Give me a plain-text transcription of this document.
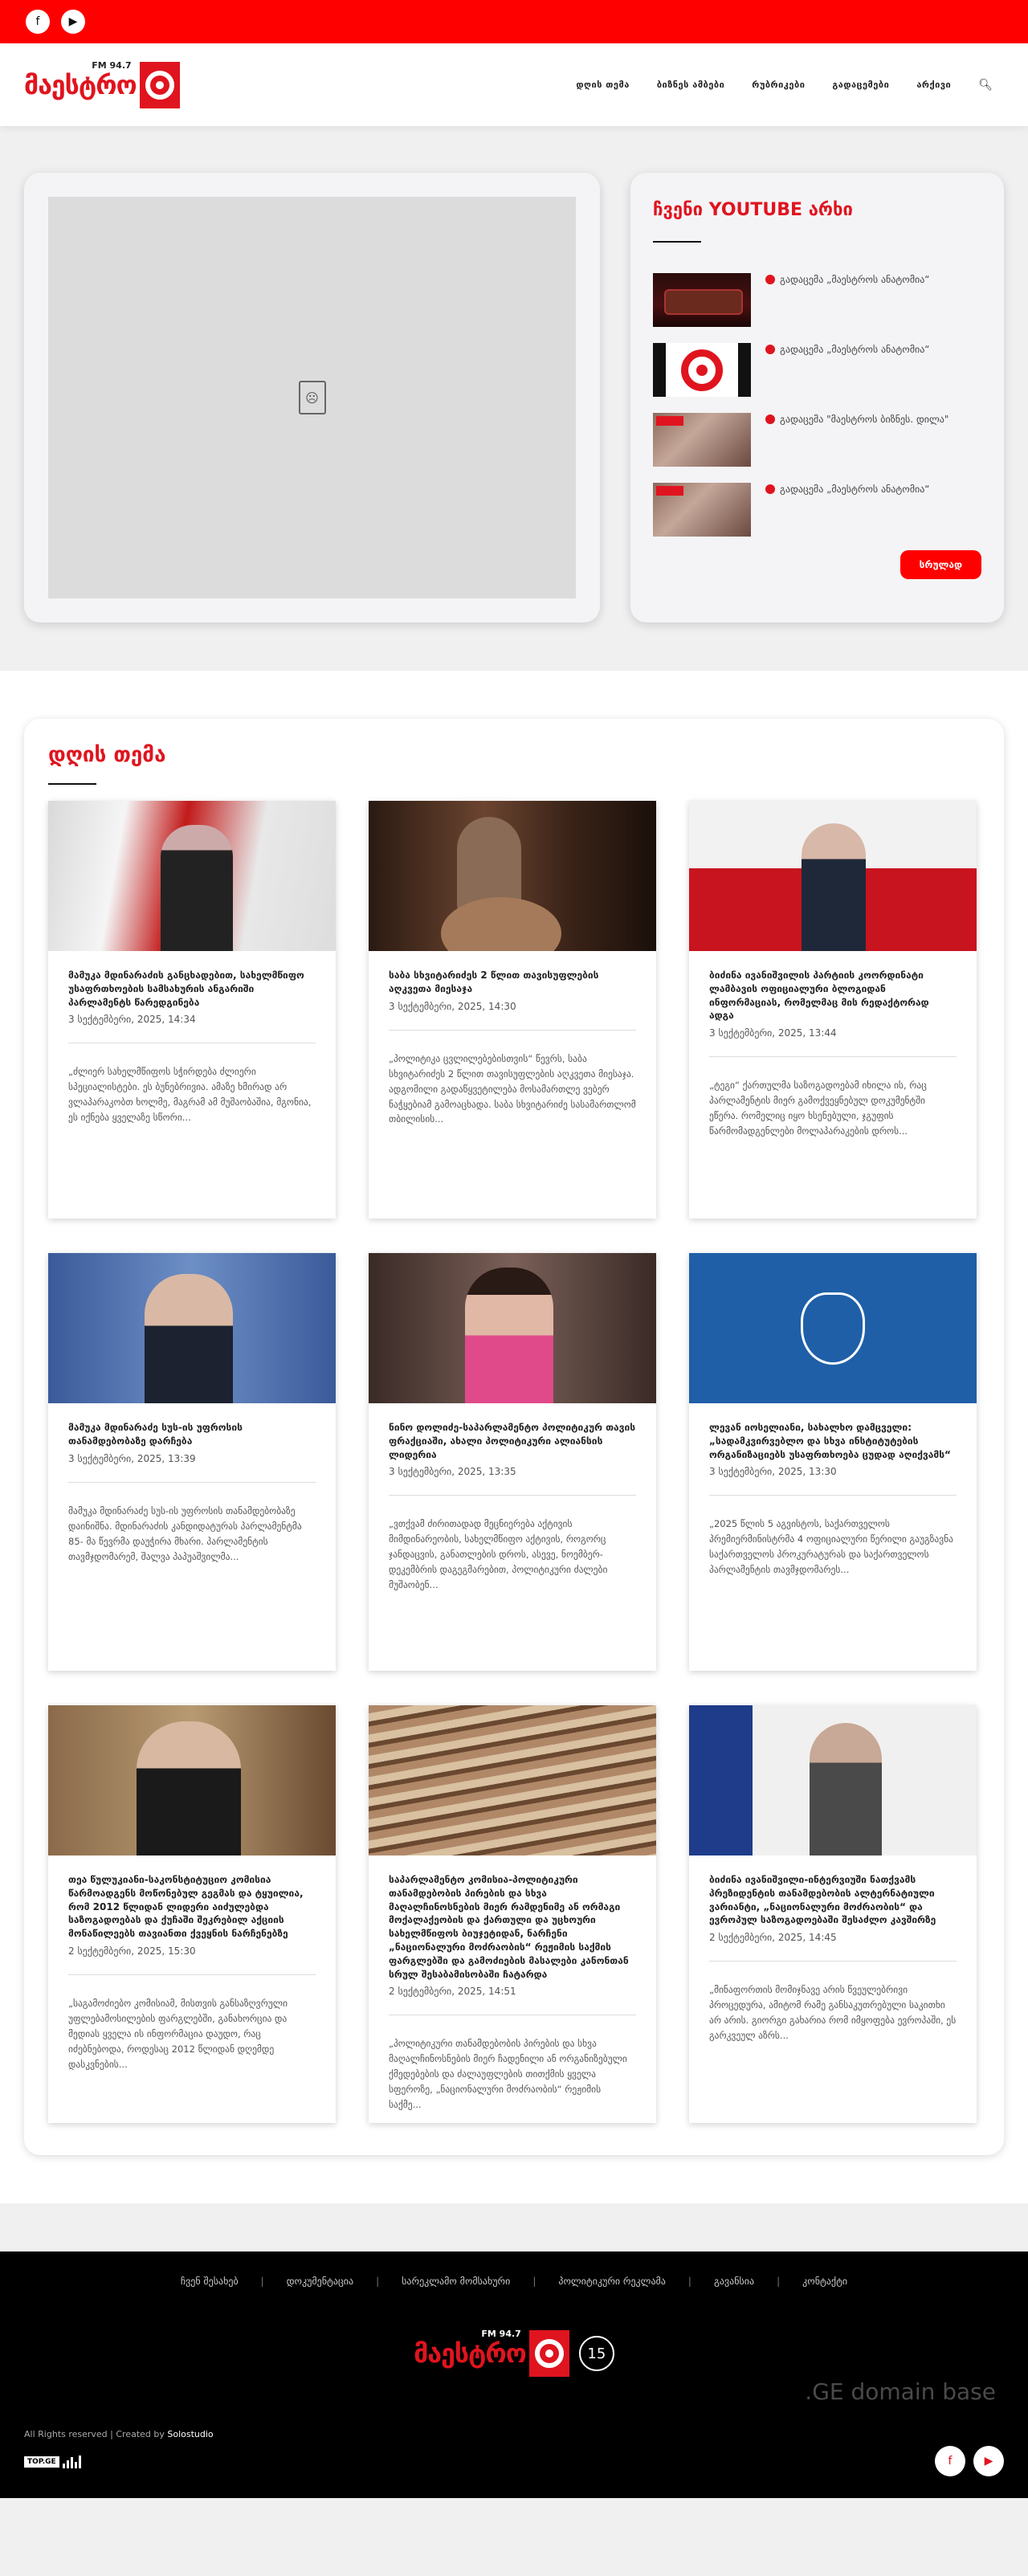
f	▶
მაესტრო
FM 94.7
დღის თემა	ბიზნეს ამბები	რუბრიკები	გადაცემები	არქივი 🔍︎
☹
ჩვენი YOUTUBE არხი
გადაცემა „მაესტროს ანატომია“
გადაცემა „მაესტროს ანატომია“
გადაცემა "მაესტროს ბიზნეს. დილა"
გადაცემა „მაესტროს ანატომია“
სრულად
დღის თემა
მამუკა მდინარაძის განცხადებით, სახელმწიფო უსაფრთხოების სამსახურის ანგარიში პარლამენტს წარედგინება
3 სექტემბერი, 2025, 14:34
„ძლიერ სახელმწიფოს სჭირდება ძლიერი სპეციალისტები. ეს ბუნებრივია. ამაზე ხმირად არ ვლაპარაკობთ ხოლმე, მაგრამ ამ მუშაობაშია, მგონია, ეს იქნება ყველაზე სწორი...
საბა სხვიტარიძეს 2 წლით თავისუფლების აღკვეთა მიესაჯა
3 სექტემბერი, 2025, 14:30
„პოლიტიკა ცვლილებებისთვის“ წევრს, საბა სხვიტარიძეს 2 წლით თავისუფლების აღკვეთა მიესაჯა. ადგომილი გადაწყვეტილება მოსამართლე ვებერ ნაჭყებიამ გამოაცხადა. საბა სხვიტარიძე სასამართლომ თბილისის...
ბიძინა ივანიშვილის პარტიის კოორდინატი ლამბავის ოფიციალური ბლოგიდან ინფორმაციას, რომელმაც მის რედაქტორად ადგა
3 სექტემბერი, 2025, 13:44
„ტეგი“ ქართულმა საზოგადოებამ იხილა ის, რაც პარლამენტის მიერ გამოქვეყნებულ დოკუმენტში ეწერა. რომელიც იყო ხსენებული, ჯგუფის წარმომადგენლები მოლაპარაკების დროს...
მამუკა მდინარაძე სუს-ის უფროსის თანამდებობაზე დარჩება
3 სექტემბერი, 2025, 13:39
მამუკა მდინარაძე სუს-ის უფროსის თანამდებობაზე დაინიშნა. მდინარაძის კანდიდატურას პარლამენტმა 85- მა წევრმა დაუჭირა მხარი. პარლამენტის თავმჯდომარემ, შალვა პაპუაშვილმა...
ნინო დოლიძე-საპარლამენტო პოლიტიკურ თავის ფრაქციაში, ახალი პოლიტიკური ალიანსის ლიდერია
3 სექტემბერი, 2025, 13:35
„ვთქვამ ძირითადად მეცნიერება აქტივის მიმდინარეობის, სახელმწიფო აქტივის, როგორც ჯანდაცვის, განათლების დროს, ასევე, ნოემბერ-დეკემბრის დაგეგმარებით, პოლიტიკური ძალები მუშაობენ...
ლევან იოსელიანი, სახალხო დამცველი: „სადამკვირვებლო და სხვა ინსტიტუტების ორგანიზაციებს უსაფრთხოება ცუდად აღიქვამს“
3 სექტემბერი, 2025, 13:30
„2025 წლის 5 აგვისტოს, საქართველოს პრემიერმინისტრმა 4 ოფიციალური წერილი გაუგზავნა საქართველოს პროკურატურას და საქართველოს პარლამენტის თავმჯდომარეს...
თეა წულუკიანი-საკონსტიტუციო კომისია წარმოადგენს მოწონებულ გეგმას და ტყუილია, რომ 2012 წლიდან ლიდერი აიძულებდა საზოგადოებას და ქუჩაში შეკრებილ აქციის მონაწილეებს თავიანთი ქვეყნის ნარჩენებზე
2 სექტემბერი, 2025, 15:30
„საგამოძიებო კომისიამ, მისთვის განსაზღვრული უფლებამოსილების ფარგლებში, განახორცია და მედიას ყველა ის ინფორმაცია დაუდო, რაც იძებნებოდა, როდესაც 2012 წლიდან დღემდე დასკვნების...
საპარლამენტო კომისია-პოლიტიკური თანამდებობის პირების და სხვა მაღალჩინოსნების მიერ რამდენიმე ან ორმაგი მოქალაქეობის და ქართული და უცხოური სახელმწიფოს ბიუჯეტიდან, ნარჩენი „ნაციონალური მოძრაობის“ რეჟიმის საქმის ფარგლებში და გამოძიების მასალები კანონთან სრულ შესაბამისობაში ჩატარდა
2 სექტემბერი, 2025, 14:51
„პოლიტიკური თანამდებობის პირების და სხვა მაღალჩინოსნების მიერ ჩადენილი ან ორგანიზებული ქმედებების და ძალაუფლების თითქმის ყველა სფეროზე, „ნაციონალური მოძრაობის“ რეჟიმის საქმე...
ბიძინა ივანიშვილი-ინტერვიუში ნათქვამს პრეზიდენტის თანამდებობის ალტერნატიული ვარიანტი, „ნაციონალური მოძრაობის“ და ევროპულ საზოგადოებაში შესაძლო კავშირზე
2 სექტემბერი, 2025, 14:45
„მინაფორთის მომიჯნავე არის წვეულებრივი პროცედურა, ამიტომ რამე განსაკუთრებული საკითხი არ არის. გიორგი გახარია რომ იმყოფება ევროპაში, ეს გარკვეულ აზრს...
ჩვენ შესახებ | დოკუმენტაცია | სარეკლამო მომსახური | პოლიტიკური რეკლამა | გავანსია | კონტაქტი
მაესტრო
FM 94.7
15
.GE domain base
All Rights reserved | Created by Solostudio
TOP.GE	f	▶
